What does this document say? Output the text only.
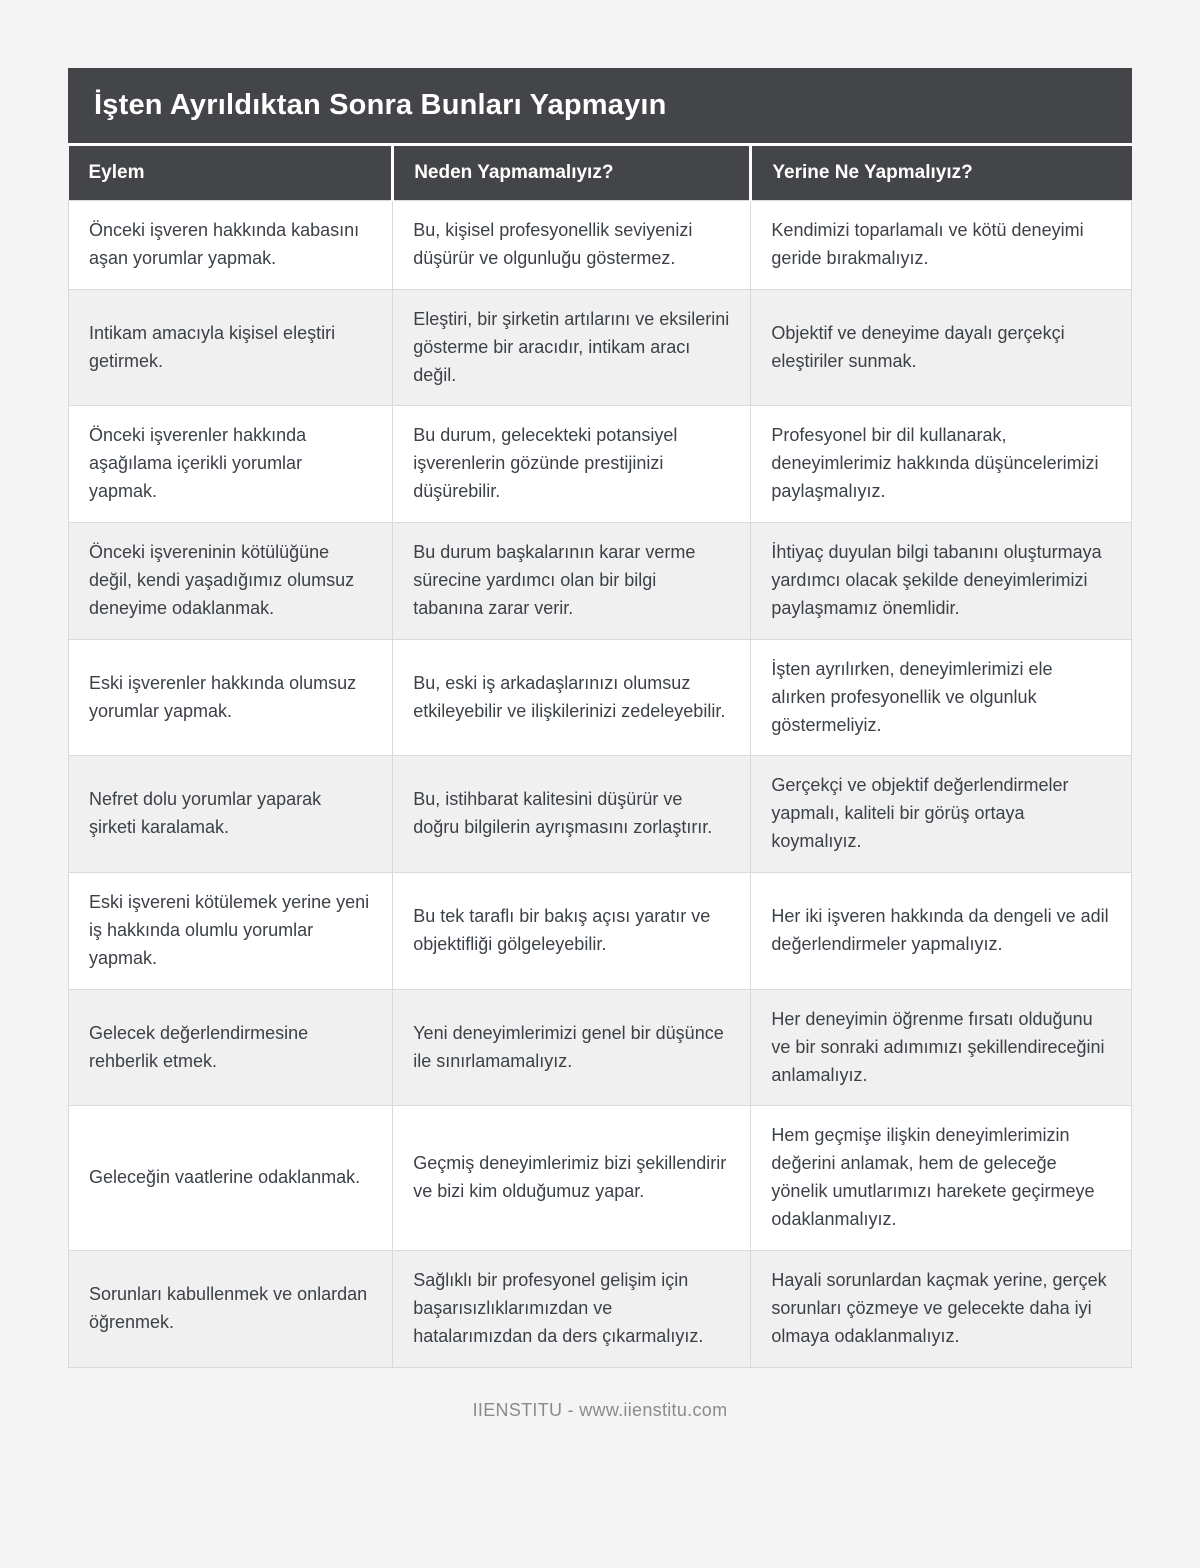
İşten Ayrıldıktan Sonra Bunları Yapmayın
Eylem	Neden Yapmamalıyız?	Yerine Ne Yapmalıyız?
Önceki işveren hakkında kabasını aşan yorumlar yapmak.	Bu, kişisel profesyonellik seviyenizi düşürür ve olgunluğu göstermez.	Kendimizi toparlamalı ve kötü deneyimi geride bırakmalıyız.
Intikam amacıyla kişisel eleştiri getirmek.	Eleştiri, bir şirketin artılarını ve eksilerini gösterme bir aracıdır, intikam aracı değil.	Objektif ve deneyime dayalı gerçekçi eleştiriler sunmak.
Önceki işverenler hakkında aşağılama içerikli yorumlar yapmak.	Bu durum, gelecekteki potansiyel işverenlerin gözünde prestijinizi düşürebilir.	Profesyonel bir dil kullanarak, deneyimlerimiz hakkında düşüncelerimizi paylaşmalıyız.
Önceki işvereninin kötülüğüne değil, kendi yaşadığımız olumsuz deneyime odaklanmak.	Bu durum başkalarının karar verme sürecine yardımcı olan bir bilgi tabanına zarar verir.	İhtiyaç duyulan bilgi tabanını oluşturmaya yardımcı olacak şekilde deneyimlerimizi paylaşmamız önemlidir.
Eski işverenler hakkında olumsuz yorumlar yapmak.	Bu, eski iş arkadaşlarınızı olumsuz etkileyebilir ve ilişkilerinizi zedeleyebilir.	İşten ayrılırken, deneyimlerimizi ele alırken profesyonellik ve olgunluk göstermeliyiz.
Nefret dolu yorumlar yaparak şirketi karalamak.	Bu, istihbarat kalitesini düşürür ve doğru bilgilerin ayrışmasını zorlaştırır.	Gerçekçi ve objektif değerlendirmeler yapmalı, kaliteli bir görüş ortaya koymalıyız.
Eski işvereni kötülemek yerine yeni iş hakkında olumlu yorumlar yapmak.	Bu tek taraflı bir bakış açısı yaratır ve objektifliği gölgeleyebilir.	Her iki işveren hakkında da dengeli ve adil değerlendirmeler yapmalıyız.
Gelecek değerlendirmesine rehberlik etmek.	Yeni deneyimlerimizi genel bir düşünce ile sınırlamamalıyız.	Her deneyimin öğrenme fırsatı olduğunu ve bir sonraki adımımızı şekillendireceğini anlamalıyız.
Geleceğin vaatlerine odaklanmak.	Geçmiş deneyimlerimiz bizi şekillendirir ve bizi kim olduğumuz yapar.	Hem geçmişe ilişkin deneyimlerimizin değerini anlamak, hem de geleceğe yönelik umutlarımızı harekete geçirmeye odaklanmalıyız.
Sorunları kabullenmek ve onlardan öğrenmek.	Sağlıklı bir profesyonel gelişim için başarısızlıklarımızdan ve hatalarımızdan da ders çıkarmalıyız.	Hayali sorunlardan kaçmak yerine, gerçek sorunları çözmeye ve gelecekte daha iyi olmaya odaklanmalıyız.
IIENSTITU - www.iienstitu.com
